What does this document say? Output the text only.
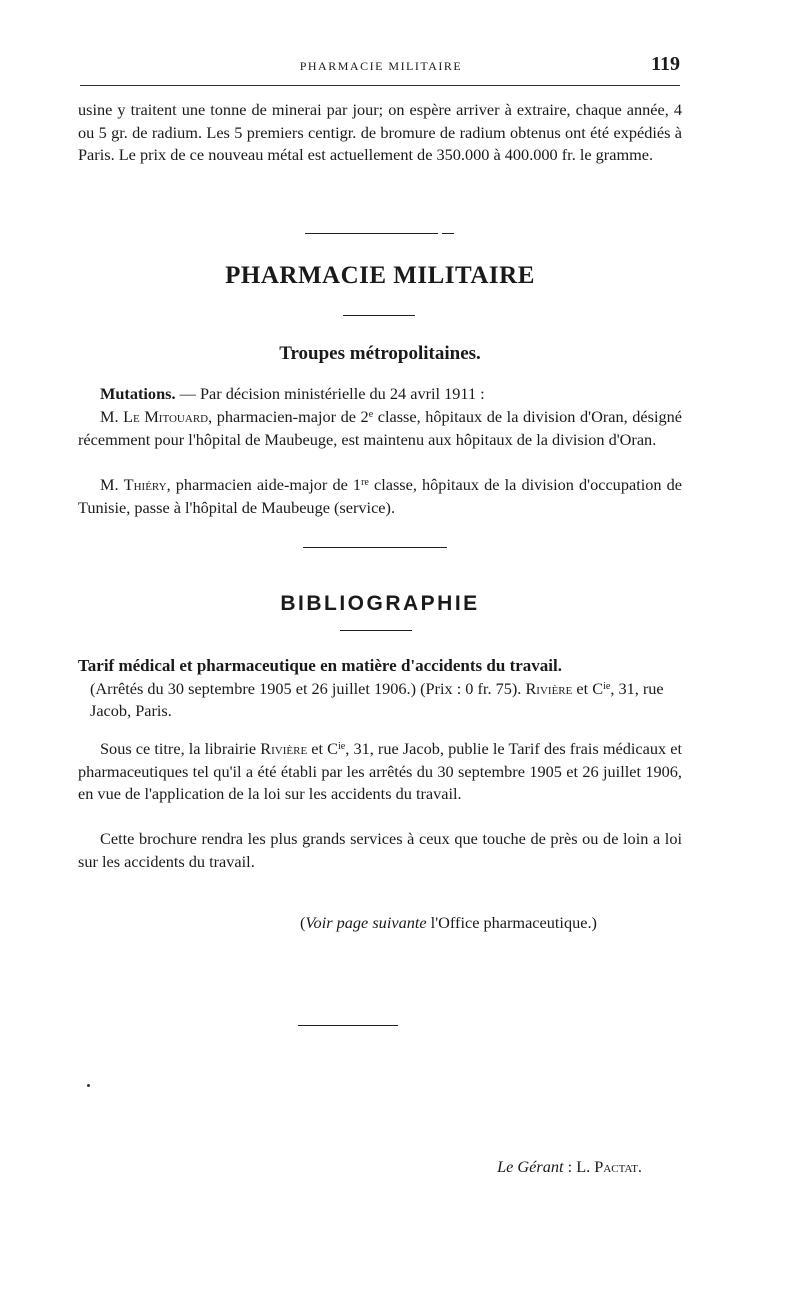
PHARMACIE MILITAIRE	119

usine y traitent une tonne de minerai par jour; on espère arriver à extraire, chaque année, 4 ou 5 gr. de radium. Les 5 premiers centigr. de bromure de radium obtenus ont été expédiés à Paris. Le prix de ce nouveau métal est actuellement de 350.000 à 400.000 fr. le gramme.

PHARMACIE MILITAIRE
Troupes métropolitaines.

Mutations. — Par décision ministérielle du 24 avril 1911 :

M. Le Mitouard, pharmacien-major de 2e classe, hôpitaux de la division d'Oran, désigné récemment pour l'hôpital de Maubeuge, est maintenu aux hôpitaux de la division d'Oran.

M. Thiéry, pharmacien aide-major de 1re classe, hôpitaux de la division d'occupation de Tunisie, passe à l'hôpital de Maubeuge (service).

BIBLIOGRAPHIE
Tarif médical et pharmaceutique en matière d'accidents du travail.
(Arrêtés du 30 septembre 1905 et 26 juillet 1906.) (Prix : 0 fr. 75). Rivière et $C^{ie}$, 31, rue Jacob, Paris.

Sous ce titre, la librairie Rivière et $C^{ie}$, 31, rue Jacob, publie le Tarif des frais médicaux et pharmaceutiques tel qu'il a été établi par les arrêtés du 30 septembre 1905 et 26 juillet 1906, en vue de l'application de la loi sur les accidents du travail.

Cette brochure rendra les plus grands services à ceux que touche de près ou de loin a loi sur les accidents du travail.

(Voir page suivante l'Office pharmaceutique.)

Le Gérant : L. Pactat.
